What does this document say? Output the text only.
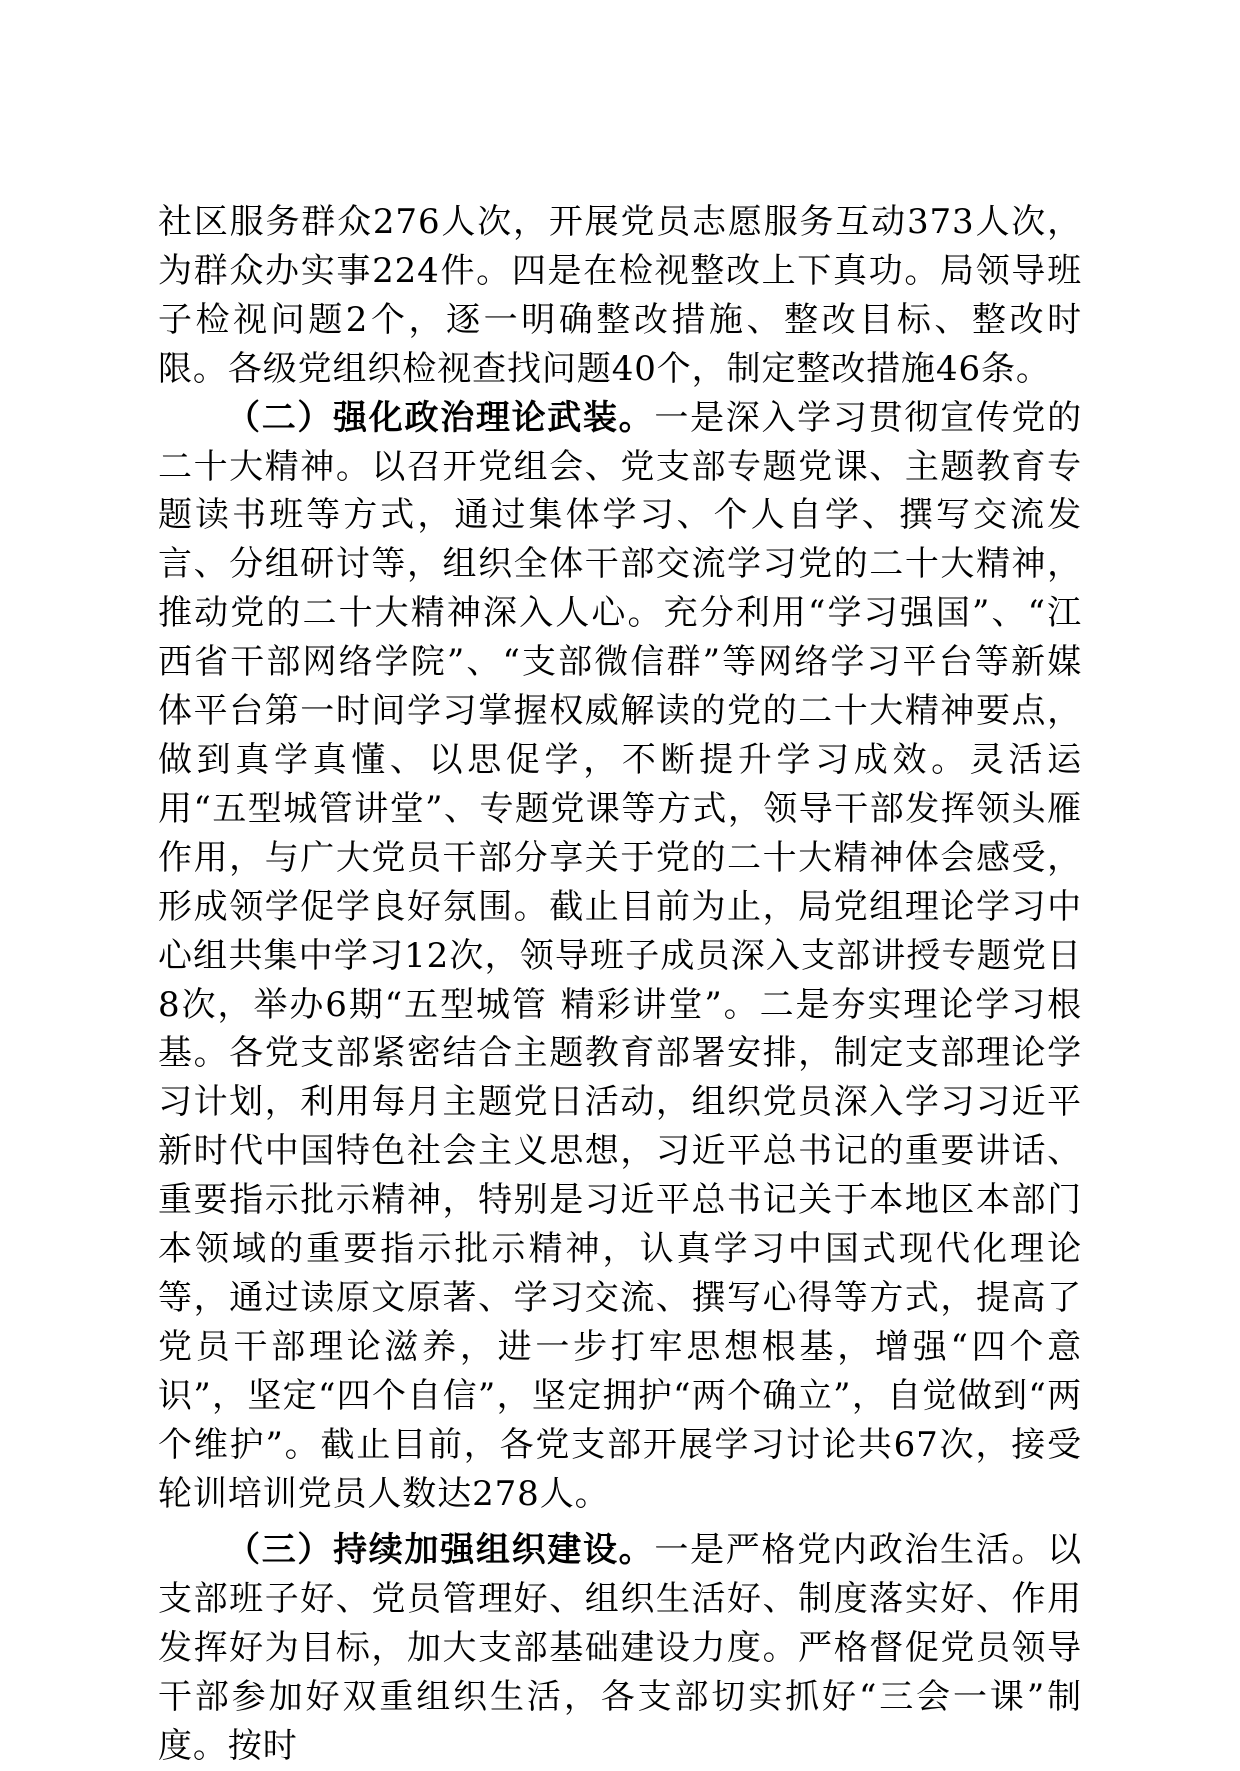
社区服务群众276人次，开展党员志愿服务互动373人次，为群众办实事224件。四是在检视整改上下真功。局领导班子检视问题2个，逐一明确整改措施、整改目标、整改时限。各级党组织检视查找问题40个，制定整改措施46条。

（二）强化政治理论武装。一是深入学习贯彻宣传党的二十大精神。以召开党组会、党支部专题党课、主题教育专题读书班等方式，通过集体学习、个人自学、撰写交流发言、分组研讨等，组织全体干部交流学习党的二十大精神，推动党的二十大精神深入人心。充分利用“学习强国”、“江西省干部网络学院”、“支部微信群”等网络学习平台等新媒体平台第一时间学习掌握权威解读的党的二十大精神要点，做到真学真懂、以思促学，不断提升学习成效。灵活运用“五型城管讲堂”、专题党课等方式，领导干部发挥领头雁作用，与广大党员干部分享关于党的二十大精神体会感受，形成领学促学良好氛围。截止目前为止，局党组理论学习中心组共集中学习12次，领导班子成员深入支部讲授专题党日8次，举办6期“五型城管 精彩讲堂”。二是夯实理论学习根基。各党支部紧密结合主题教育部署安排，制定支部理论学习计划，利用每月主题党日活动，组织党员深入学习习近平新时代中国特色社会主义思想，习近平总书记的重要讲话、重要指示批示精神，特别是习近平总书记关于本地区本部门本领域的重要指示批示精神，认真学习中国式现代化理论等，通过读原文原著、学习交流、撰写心得等方式，提高了党员干部理论滋养，进一步打牢思想根基，增强“四个意识”，坚定“四个自信”，坚定拥护“两个确立”，自觉做到“两个维护”。截止目前，各党支部开展学习讨论共67次，接受轮训培训党员人数达278人。

（三）持续加强组织建设。一是严格党内政治生活。以支部班子好、党员管理好、组织生活好、制度落实好、作用发挥好为目标，加大支部基础建设力度。严格督促党员领导干部参加好双重组织生活，各支部切实抓好“三会一课”制度。按时
